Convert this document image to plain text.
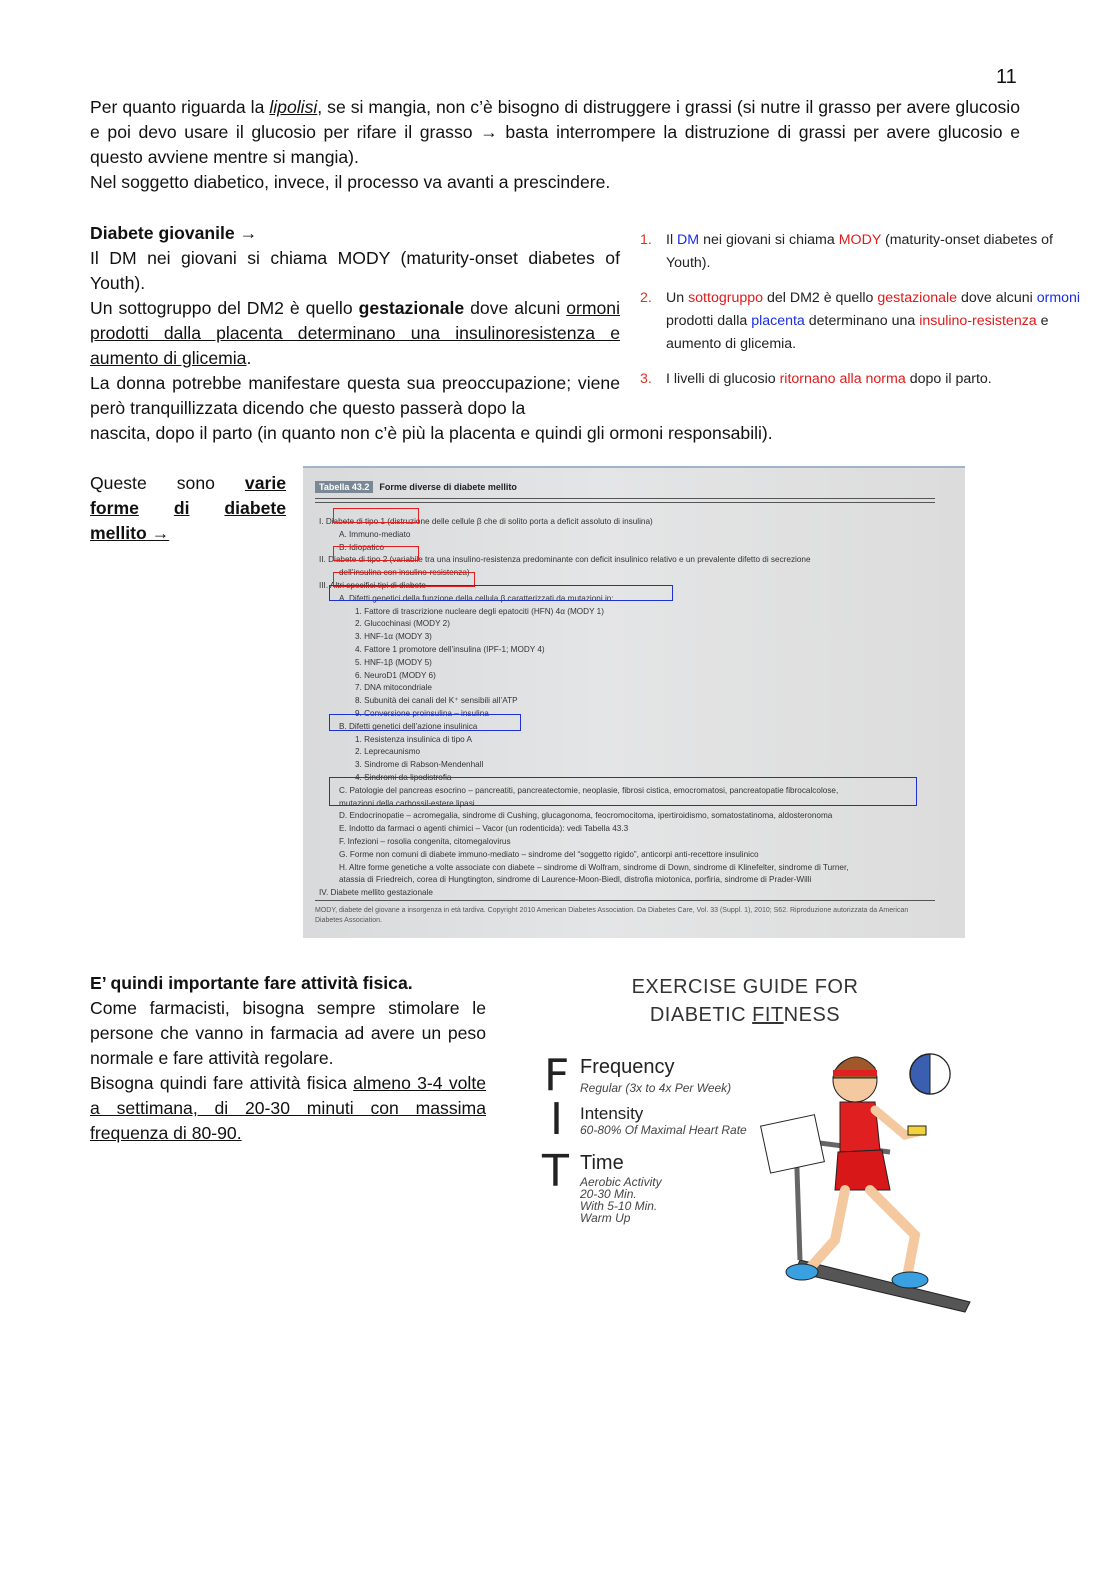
11
Per quanto riguarda la lipolisi, se si mangia, non c’è bisogno di distruggere i grassi (si nutre il grasso per avere glucosio e poi devo usare il glucosio per rifare il grasso → basta interrompere la distruzione di grassi per avere glucosio e questo avviene mentre si mangia).
Nel soggetto diabetico, invece, il processo va avanti a prescindere.
Diabete giovanile →
Il DM nei giovani si chiama MODY (maturity-onset diabetes of Youth).
Un sottogruppo del DM2 è quello gestazionale dove alcuni ormoni prodotti dalla placenta determinano una insulinoresistenza e aumento di glicemia.
La donna potrebbe manifestare questa sua preoccupazione; viene però tranquillizzata dicendo che questo passerà dopo la
nascita, dopo il parto (in quanto non c’è più la placenta e quindi gli ormoni responsabili).
1. Il DM nei giovani si chiama MODY (maturity-onset diabetes of Youth).
2. Un sottogruppo del DM2 è quello gestazionale dove alcuni ormoni prodotti dalla placenta determinano una insulino-resistenza e aumento di glicemia.
3. I livelli di glucosio ritornano alla norma dopo il parto.
Queste sono varie
forme di diabete
mellito →
Tabella 43.2 Forme diverse di diabete mellito
I. Diabete di tipo 1 (distruzione delle cellule β che di solito porta a deficit assoluto di insulina)
A. Immuno-mediato
B. Idiopatico
II. Diabete di tipo 2 (variabile tra una insulino-resistenza predominante con deficit insulinico relativo e un prevalente difetto di secrezione
dell’insulina con insulino-resistenza)
III. Altri specifici tipi di diabete
A. Difetti genetici della funzione della cellula β caratterizzati da mutazioni in:
1. Fattore di trascrizione nucleare degli epatociti (HFN) 4α (MODY 1)
2. Glucochinasi (MODY 2)
3. HNF-1α (MODY 3)
4. Fattore 1 promotore dell’insulina (IPF-1; MODY 4)
5. HNF-1β (MODY 5)
6. NeuroD1 (MODY 6)
7. DNA mitocondriale
8. Subunità dei canali del K⁺ sensibili all’ATP
9. Conversione proinsulina – insulina
B. Difetti genetici dell’azione insulinica
1. Resistenza insulinica di tipo A
2. Leprecaunismo
3. Sindrome di Rabson-Mendenhall
4. Sindromi da lipodistrofia
C. Patologie del pancreas esocrino – pancreatiti, pancreatectomie, neoplasie, fibrosi cistica, emocromatosi, pancreatopatie fibrocalcolose,
mutazioni della carbossil-estere lipasi
D. Endocrinopatie – acromegalia, sindrome di Cushing, glucagonoma, feocromocitoma, ipertiroidismo, somatostatinoma, aldosteronoma
E. Indotto da farmaci o agenti chimici – Vacor (un rodenticida): vedi Tabella 43.3
F. Infezioni – rosolia congenita, citomegalovirus
G. Forme non comuni di diabete immuno-mediato – sindrome del “soggetto rigido”, anticorpi anti-recettore insulinico
H. Altre forme genetiche a volte associate con diabete – sindrome di Wolfram, sindrome di Down, sindrome di Klinefelter, sindrome di Turner,
atassia di Friedreich, corea di Hungtington, sindrome di Laurence-Moon-Biedl, distrofia miotonica, porfiria, sindrome di Prader-Willi
IV. Diabete mellito gestazionale
MODY, diabete del giovane a insorgenza in età tardiva. Copyright 2010 American Diabetes Association. Da Diabetes Care, Vol. 33 (Suppl. 1), 2010; S62. Riproduzione autorizzata da American Diabetes Association.
E’ quindi importante fare attività fisica.
Come farmacisti, bisogna sempre stimolare le persone che vanno in farmacia ad avere un peso normale e fare attività regolare.
Bisogna quindi fare attività fisica almeno 3-4 volte a settimana, di 20-30 minuti con massima frequenza di 80-90.
EXERCISE GUIDE FOR
DIABETIC FITNESS
F Frequency
Regular (3x to 4x Per Week)
I Intensity
60-80% Of Maximal Heart Rate
T Time
Aerobic Activity
20-30 Min.
With 5-10 Min.
Warm Up
